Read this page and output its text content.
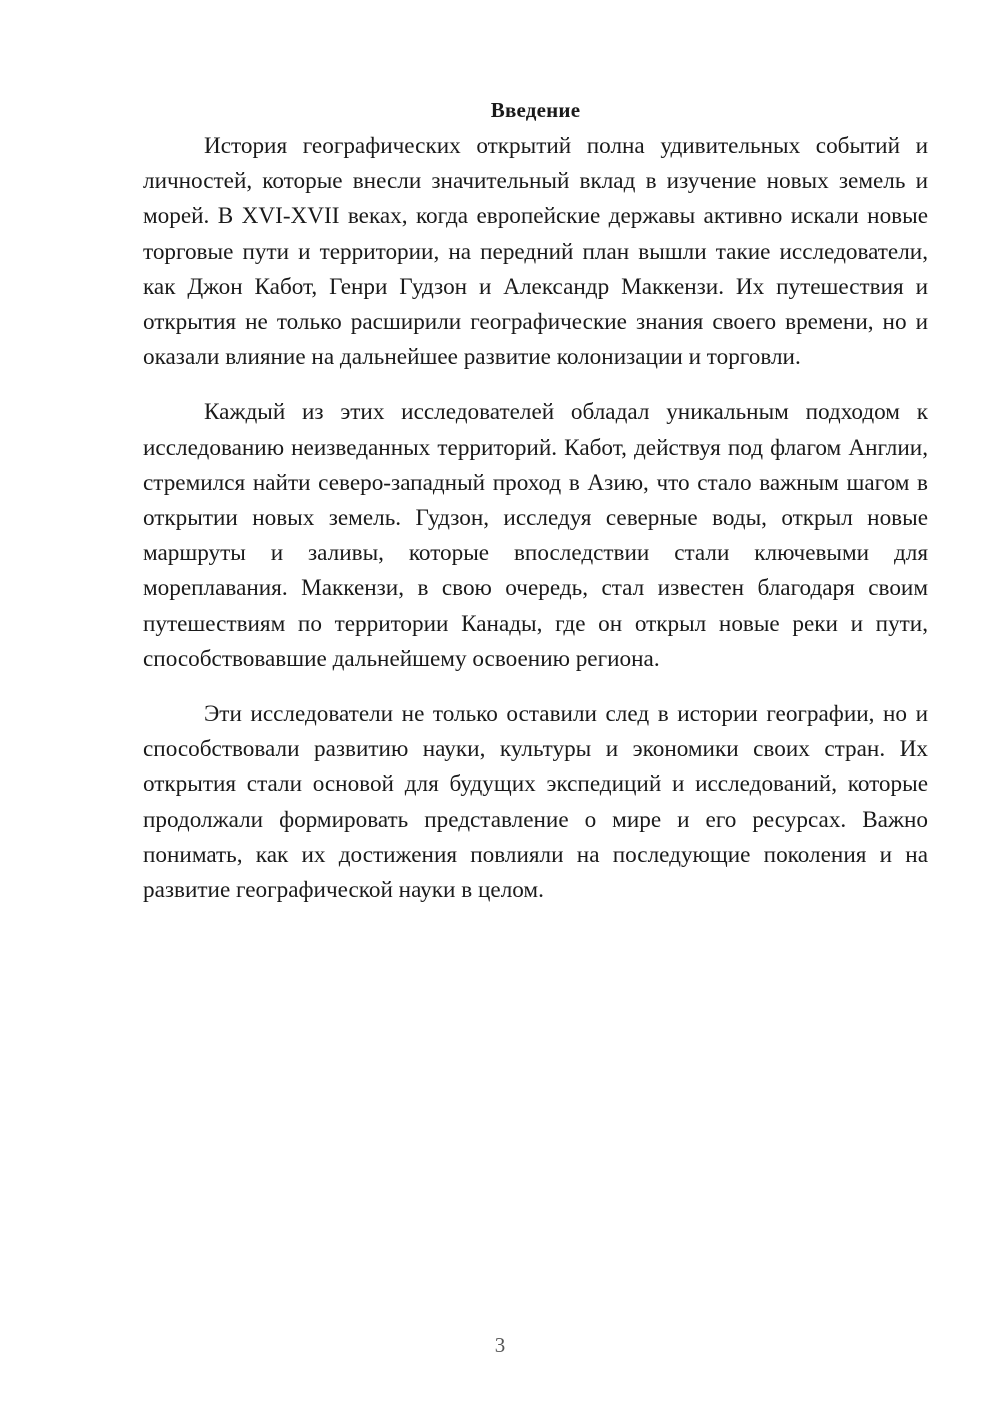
Введение

История географических открытий полна удивительных событий и личностей, которые внесли значительный вклад в изучение новых земель и морей. В XVI-XVII веках, когда европейские державы активно искали новые торговые пути и территории, на передний план вышли такие исследователи, как Джон Кабот, Генри Гудзон и Александр Маккензи. Их путешествия и открытия не только расширили географические знания своего времени, но и оказали влияние на дальнейшее развитие колонизации и торговли.

Каждый из этих исследователей обладал уникальным подходом к исследованию неизведанных территорий. Кабот, действуя под флагом Англии, стремился найти северо-западный проход в Азию, что стало важным шагом в открытии новых земель. Гудзон, исследуя северные воды, открыл новые маршруты и заливы, которые впоследствии стали ключевыми для мореплавания. Маккензи, в свою очередь, стал известен благодаря своим путешествиям по территории Канады, где он открыл новые реки и пути, способствовавшие дальнейшему освоению региона.

Эти исследователи не только оставили след в истории географии, но и способствовали развитию науки, культуры и экономики своих стран. Их открытия стали основой для будущих экспедиций и исследований, которые продолжали формировать представление о мире и его ресурсах. Важно понимать, как их достижения повлияли на последующие поколения и на развитие географической науки в целом.

3
